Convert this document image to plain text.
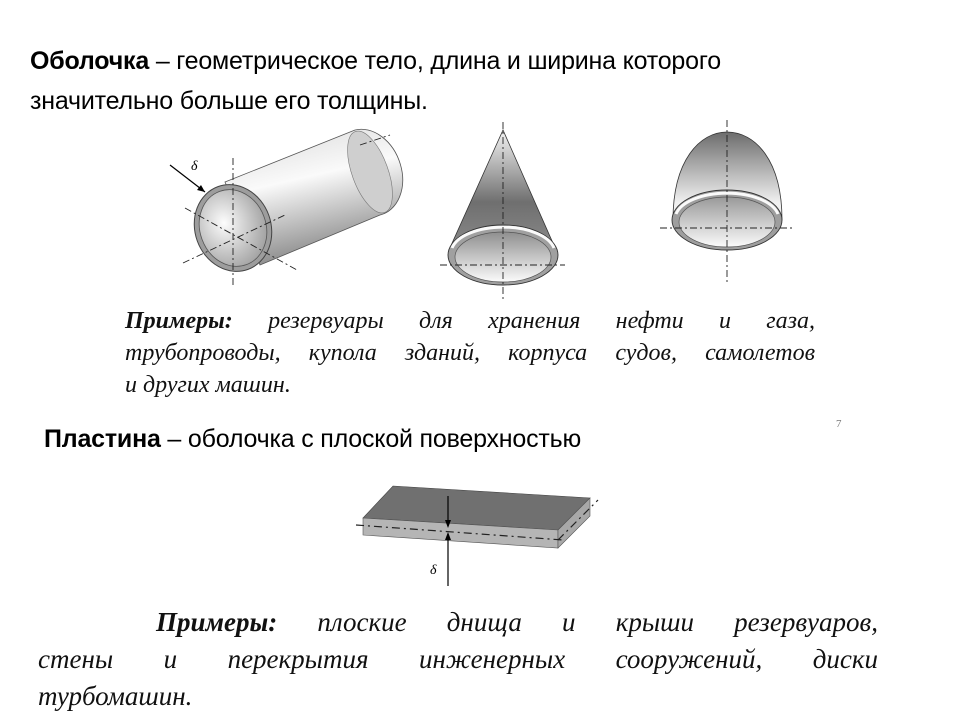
Оболочка – геометрическое тело, длина и ширина которого
значительно больше его толщины.
δ
Примеры: резервуары для хранения нефти и газа,
трубопроводы, купола зданий, корпуса судов, самолетов
и других машин.
7
Пластина – оболочка с плоской поверхностью
δ
Примеры: плоские днища и крыши резервуаров,
стены и перекрытия инженерных сооружений, диски
турбомашин.
